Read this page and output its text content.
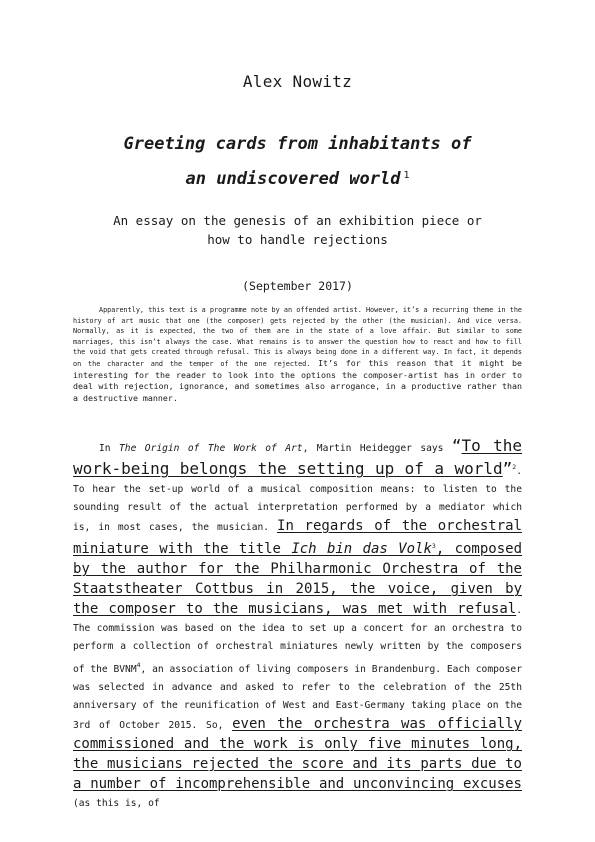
Alex Nowitz
Greeting cards from inhabitants of
an undiscovered world $^1$
An essay on the genesis of an exhibition piece or
how to handle rejections
(September 2017)
Apparently, this text is a programme note by an offended artist. However, it’s a recurring theme in the history of art music that one (the composer) gets rejected by the other (the musician). And vice versa. Normally, as it is expected, the two of them are in the state of a love affair. But similar to some marriages, this isn’t always the case. What remains is to answer the question how to react and how to fill the void that gets created through refusal. This is always being done in a different way. In fact, it depends on the character and the temper of the one rejected. It’s for this reason that it might be interesting for the reader to look into the options the composer-artist has in order to deal with rejection, ignorance, and sometimes also arrogance, in a productive rather than a destructive manner.

In The Origin of The Work of Art, Martin Heidegger says “To the work-being belongs the setting up of a world”$^2$. To hear the set-up world of a musical composition means: to listen to the sounding result of the actual interpretation performed by a mediator which is, in most cases, the musician. In regards of the orchestral miniature with the title Ich bin das Volk$^3$, composed by the author for the Philharmonic Orchestra of the Staatstheater Cottbus in 2015, the voice, given by the composer to the musicians, was met with refusal. The commission was based on the idea to set up a concert for an orchestra to perform a collection of orchestral miniatures newly written by the composers of the BVNM$^4$, an association of living composers in Brandenburg. Each composer was selected in advance and asked to refer to the celebration of the 25th anniversary of the reunification of West and East-Germany taking place on the 3rd of October 2015. So, even the orchestra was officially commissioned and the work is only five minutes long, the musicians rejected the score and its parts due to a number of incomprehensible and unconvincing excuses (as this is, of
